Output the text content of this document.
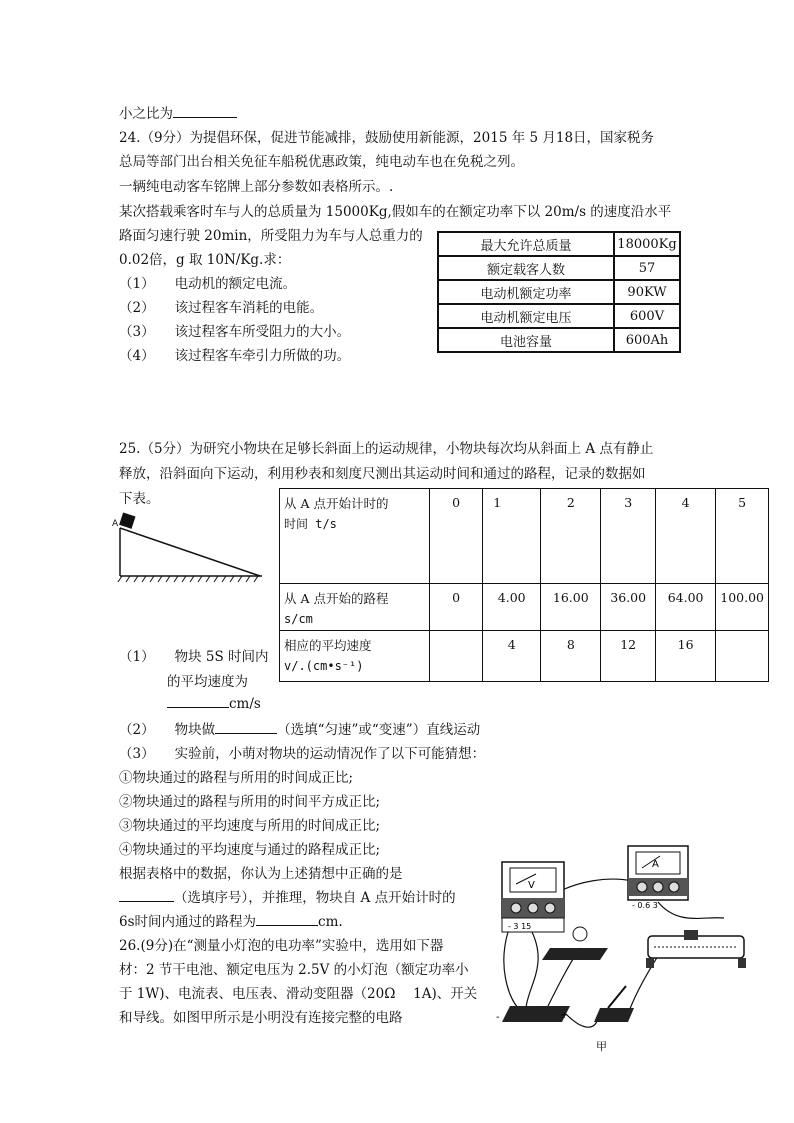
小之比为
24.（9分）为提倡环保，促进节能减排，鼓励使用新能源，2015 年 5 月18日，国家税务
总局等部门出台相关免征车船税优惠政策，纯电动车也在免税之列。
一辆纯电动客车铭牌上部分参数如表格所示。.
某次搭载乘客时车与人的总质量为 15000Kg,假如车的在额定功率下以 20m/s 的速度沿水平
路面匀速行驶 20min，所受阻力为车与人总重力的
0.02倍，g 取 10N/Kg.求：
（1） 电动机的额定电流。
（2） 该过程客车消耗的电能。
（3） 该过程客车所受阻力的大小。
（4） 该过程客车牵引力所做的功。
最大允许总质量	18000Kg
额定载客人数	57
电动机额定功率	90KW
电动机额定电压	600V
电池容量	600Ah
25.（5分）为研究小物块在足够长斜面上的运动规律，小物块每次均从斜面上 A 点有静止
释放，沿斜面向下运动，利用秒表和刻度尺测出其运动时间和通过的路程，记录的数据如
下表。
A
从 A 点开始计时的
时间 t/s	0	1	2	3	4	5

从 A 点开始的路程
s/cm	0	4.00	16.00	36.00	64.00	100.00

相应的平均速度
v/.(cm•s⁻¹)		4	8	12	16	
（1） 物块 5S 时间内
的平均速度为
cm/s
（2） 物块做	（选填“匀速”或“变速”）直线运动
（3） 实验前，小萌对物块的运动情况作了以下可能猜想：
①物块通过的路程与所用的时间成正比;
②物块通过的路程与所用的时间平方成正比;
③物块通过的平均速度与所用的时间成正比;
④物块通过的平均速度与通过的路程成正比;
根据表格中的数据，你认为上述猜想中正确的是
（选填序号），并推理，物块自 A 点开始计时的
6s时间内通过的路程为	cm.
26.(9分)在“测量小灯泡的电功率”实验中，选用如下器
材：2 节干电池、额定电压为 2.5V 的小灯泡（额定功率小
于 1W)、电流表、电压表、滑动变阻器（20Ω　 1A)、开关
和导线。如图甲所示是小明没有连接完整的电路
V
- 3 15
A
- 0.6 3
-	+
甲
